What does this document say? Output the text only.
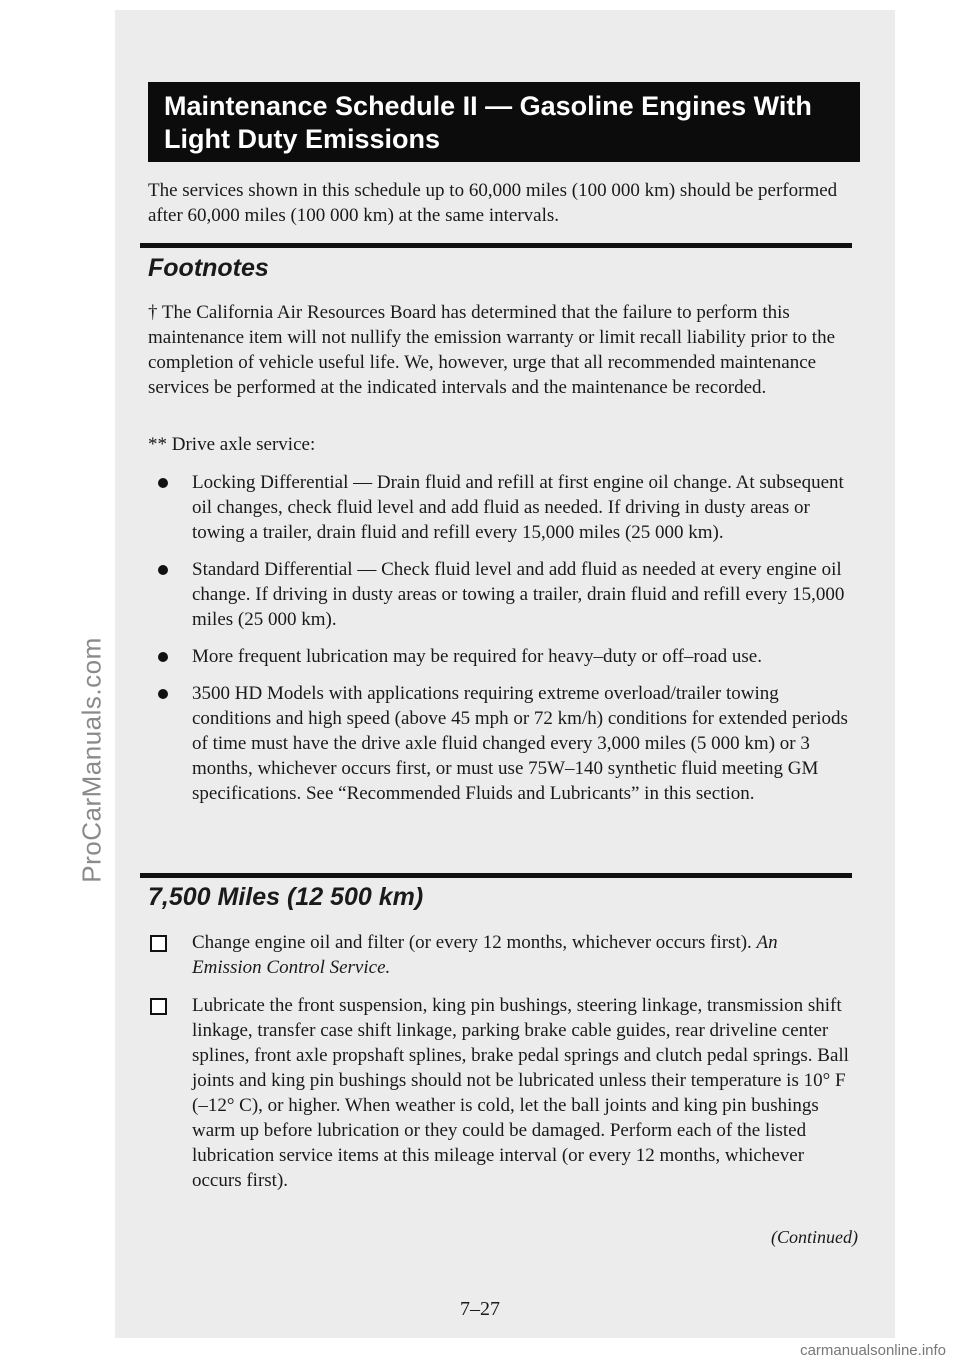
ProCarManuals.com
Maintenance Schedule II — Gasoline Engines With
Light Duty Emissions

The services shown in this schedule up to 60,000 miles (100 000 km) should be performed after 60,000 miles (100 000 km) at the same intervals.

Footnotes

† The California Air Resources Board has determined that the failure to perform this maintenance item will not nullify the emission warranty or limit recall liability prior to the completion of vehicle useful life. We, however, urge that all recommended maintenance services be performed at the indicated intervals and the maintenance be recorded.

** Drive axle service:

Locking Differential — Drain fluid and refill at first engine oil change. At subsequent oil changes, check fluid level and add fluid as needed. If driving in dusty areas or towing a trailer, drain fluid and refill every 15,000 miles (25 000 km).
Standard Differential — Check fluid level and add fluid as needed at every engine oil change. If driving in dusty areas or towing a trailer, drain fluid and refill every 15,000 miles (25 000 km).
More frequent lubrication may be required for heavy–duty or off–road use.
3500 HD Models with applications requiring extreme overload/trailer towing conditions and high speed (above 45 mph or 72 km/h) conditions for extended periods of time must have the drive axle fluid changed every 3,000 miles (5 000 km) or 3 months, whichever occurs first, or must use 75W–140 synthetic fluid meeting GM specifications. See “Recommended Fluids and Lubricants” in this section.
7,500 Miles (12 500 km)
Change engine oil and filter (or every 12 months, whichever occurs first). An Emission Control Service.
Lubricate the front suspension, king pin bushings, steering linkage, transmission shift linkage, transfer case shift linkage, parking brake cable guides, rear driveline center splines, front axle propshaft splines, brake pedal springs and clutch pedal springs. Ball joints and king pin bushings should not be lubricated unless their temperature is 10° F (–12° C), or higher. When weather is cold, let the ball joints and king pin bushings warm up before lubrication or they could be damaged. Perform each of the listed lubrication service items at this mileage interval (or every 12 months, whichever occurs first).
(Continued)
7–27
carmanualsonline.info
